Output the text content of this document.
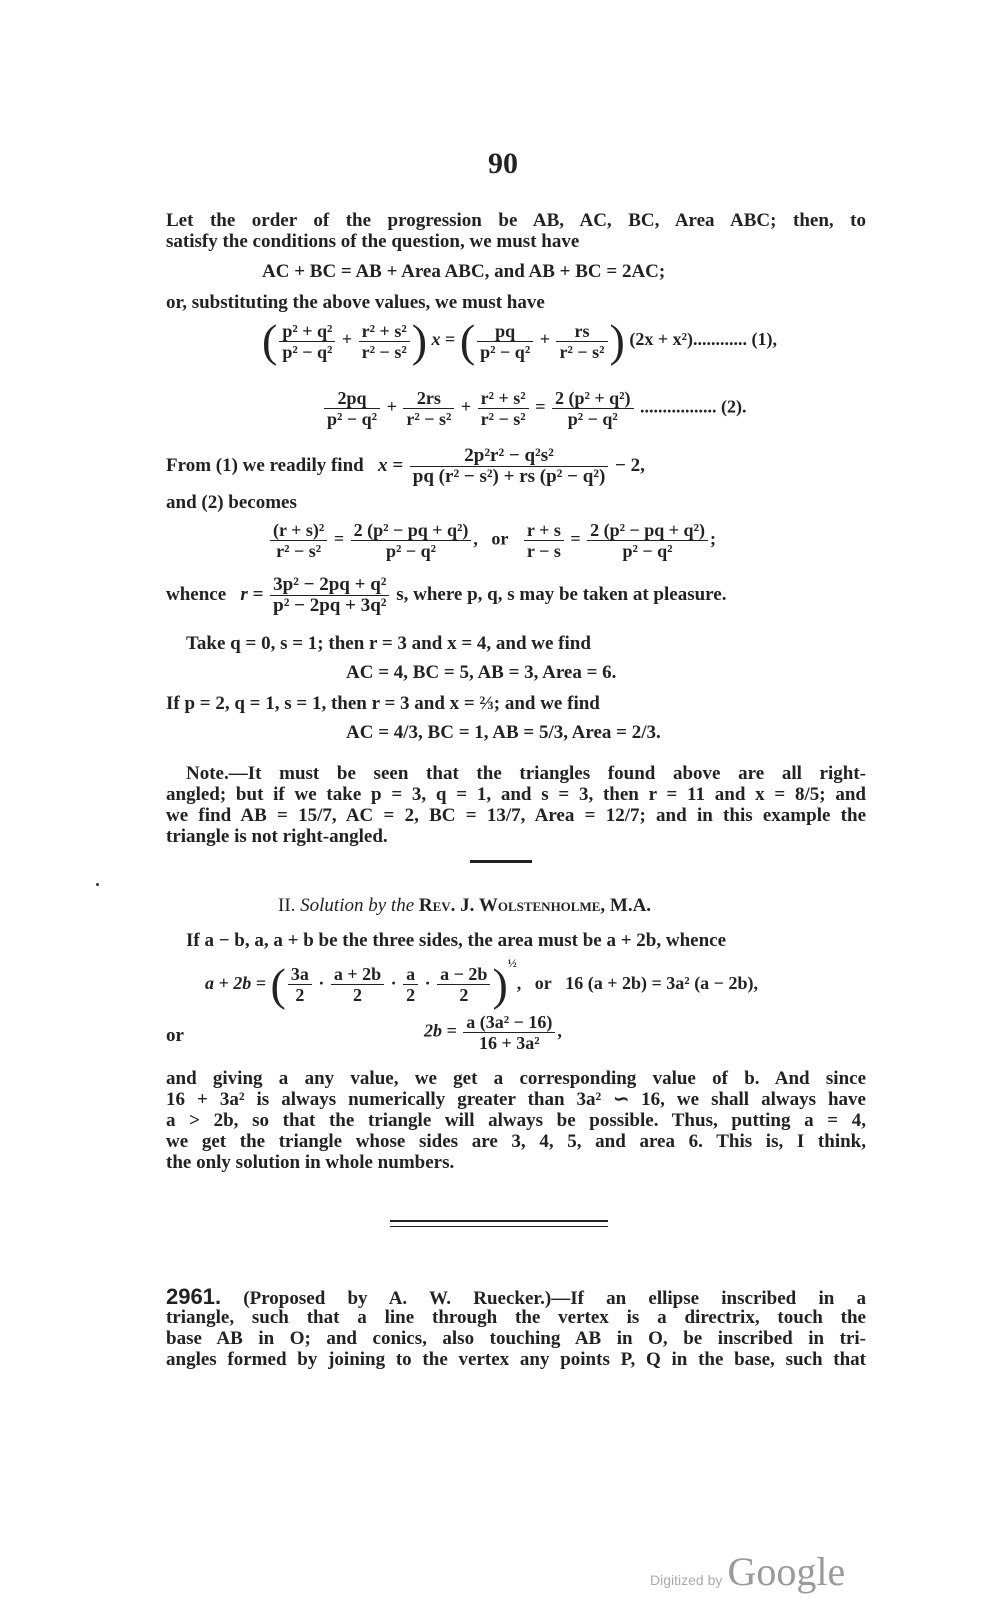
90
Let the order of the progression be AB, AC, BC, Area ABC; then, to
satisfy the conditions of the question, we must have
AC + BC = AB + Area ABC, and AB + BC = 2AC;
or, substituting the above values, we must have
( $\frac{\text{p² + q²}}{\text{p² − q²}} + \frac{\text{r² + s²}}{\text{r² − s²}}$ ) x = ( $\frac{pq}{\text{p² − q²}} + \frac{rs}{\text{r² − s²}}$ ) (2x + x²)............ (1),
$\frac{2pq}{\text{p² − q²}} + \frac{2rs}{\text{r² − s²}} + \frac{\text{r² + s²}}{\text{r² − s²}} = \frac{\text{2 (p² + q²)}}{\text{p² − q²}}$ ................. (2).
From (1) we readily find $x = \frac{\text{2p²r² − q²s²}}{\text{pq (r² − s²) + rs (p² − q²)}} - 2$,
and (2) becomes
$\frac{\text{(r + s)²}}{\text{r² − s²}} = \frac{\text{2 (p² − pq + q²)}}{\text{p² − q²}}$ ,   or $\frac{r + s}{r - s} = \frac{\text{2 (p² − pq + q²)}}{\text{p² − q²}}$ ;
whence $r = \frac{\text{3p² − 2pq + q²}}{\text{p² − 2pq + 3q²}} s$, where p, q, s may be taken at pleasure.
Take q = 0, s = 1; then r = 3 and x = 4, and we find
AC = 4, BC = 5, AB = 3, Area = 6.
If p = 2, q = 1, s = 1, then r = 3 and x = ⅔; and we find
AC = 4/3, BC = 1, AB = 5/3, Area = 2/3.
Note.—It must be seen that the triangles found above are all right-
angled; but if we take p = 3, q = 1, and s = 3, then r = 11 and x = 8/5; and
we find AB = 15/7, AC = 2, BC = 13/7, Area = 12/7; and in this example the
triangle is not right-angled.
II. Solution by the Rev. J. Wolstenholme, M.A.
If a − b, a, a + b be the three sides, the area must be a + 2b, whence
a + 2b = ( $\frac{3a}{2} \cdot \frac{a + 2b}{2} \cdot \frac{a}{2} \cdot \frac{a - 2b}{2} )^{\frac{1}{2}}$,   or 16 (a + 2b) = 3a² (a − 2b),
or	$2b = \frac{\text{a (3a² − 16)}}{\text{16 + 3a²}}$ ,
and giving a any value, we get a corresponding value of b. And since
16 + 3a² is always numerically greater than 3a² ∽ 16, we shall always have
a > 2b, so that the triangle will always be possible. Thus, putting a = 4,
we get the triangle whose sides are 3, 4, 5, and area 6. This is, I think,
the only solution in whole numbers.
2961. (Proposed by A. W. Ruecker.)—If an ellipse inscribed in a
triangle, such that a line through the vertex is a directrix, touch the
base AB in O; and conics, also touching AB in O, be inscribed in tri-
angles formed by joining to the vertex any points P, Q in the base, such that
Digitized by Google
